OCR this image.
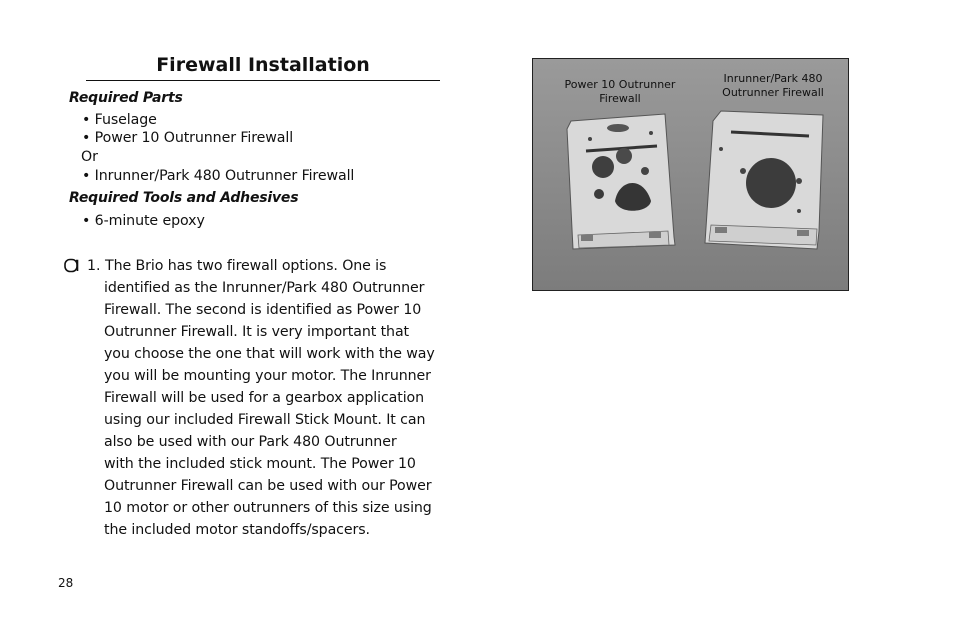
Firewall Installation
Required Parts
• Fuselage
• Power 10 Outrunner Firewall
Or
• Inrunner/Park 480 Outrunner Firewall
Required Tools and Adhesives
• 6-minute epoxy
1. The Brio has two firewall options. One is
identified as the Inrunner/Park 480 Outrunner
Firewall. The second is identified as Power 10
Outrunner Firewall. It is very important that
you choose the one that will work with the way
you will be mounting your motor. The Inrunner
Firewall will be used for a gearbox application
using our included Firewall Stick Mount. It can
also be used with our Park 480 Outrunner
with the included stick mount. The Power 10
Outrunner Firewall can be used with our Power
10 motor or other outrunners of this size using
the included motor standoffs/spacers.
Power 10 Outrunner
Firewall
Inrunner/Park 480
Outrunner Firewall
28
